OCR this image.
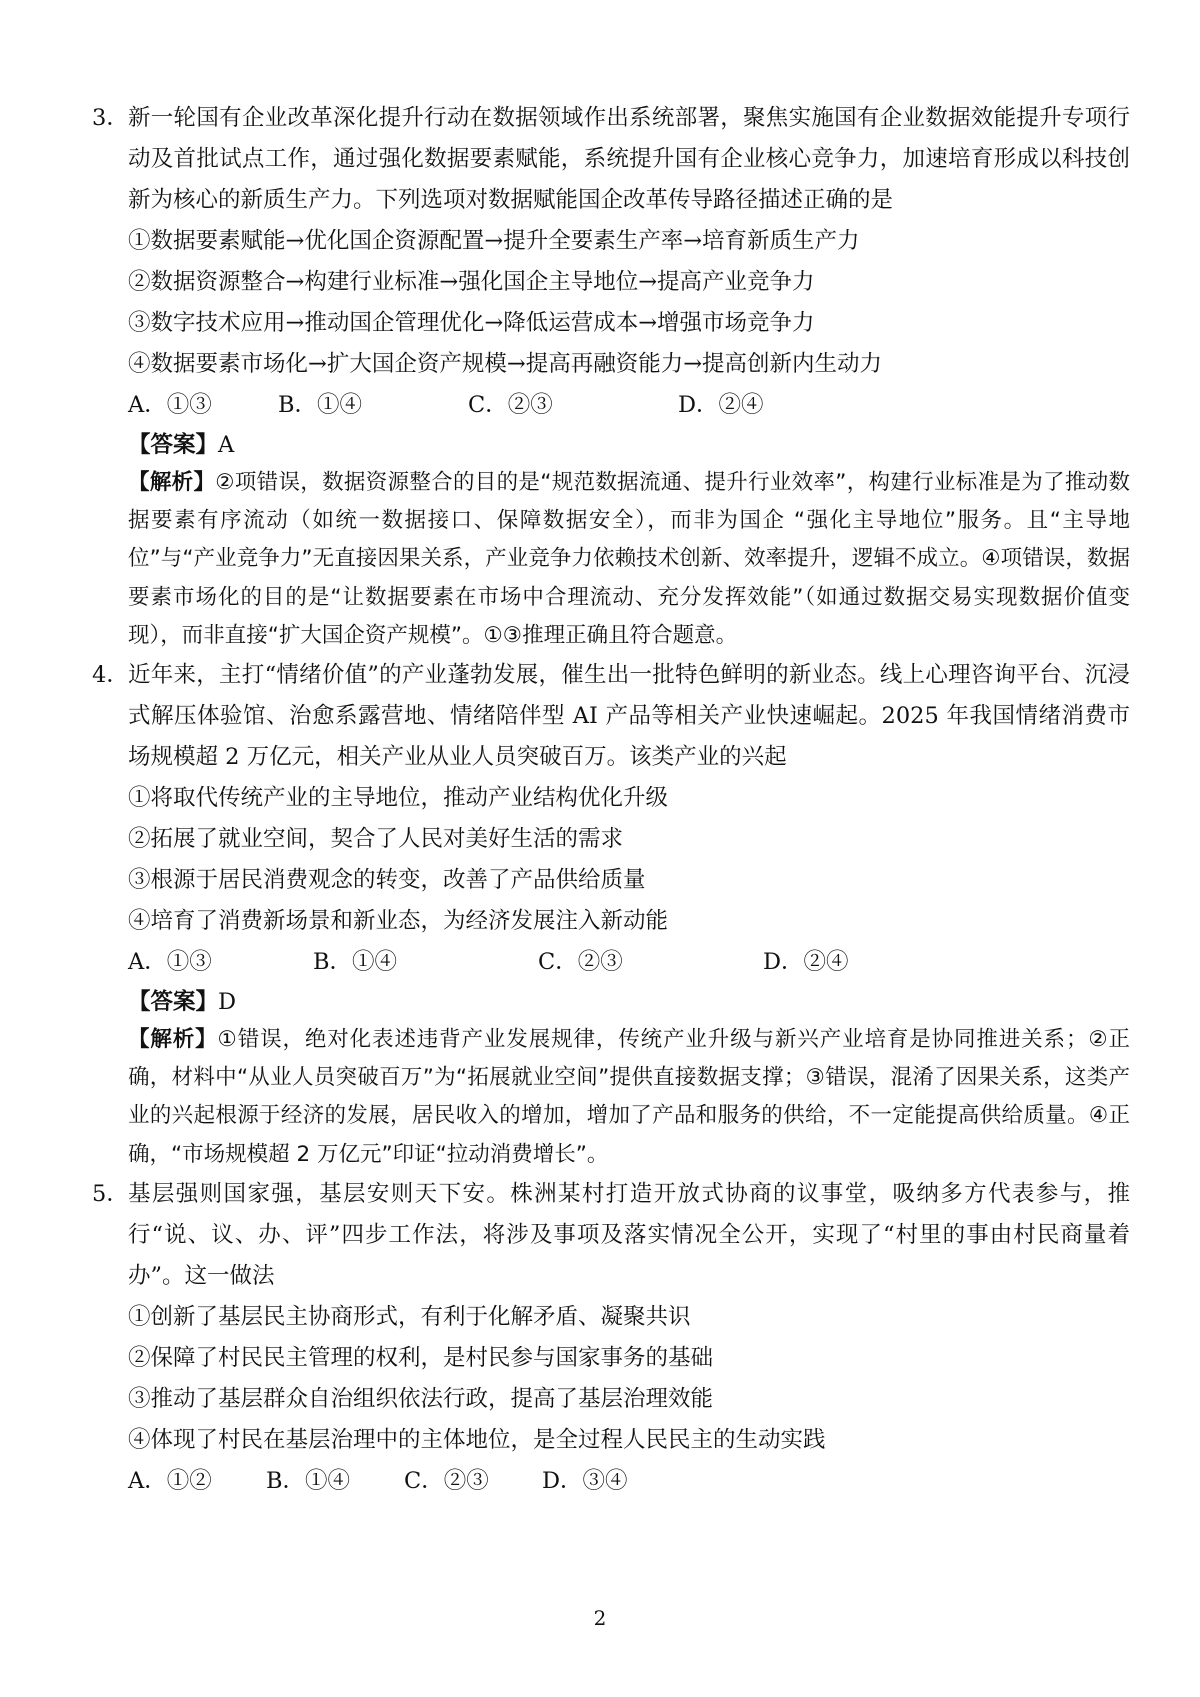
3． 新一轮国有企业改革深化提升行动在数据领域作出系统部署，聚焦实施国有企业数据效能提升专项行动及首批试点工作，通过强化数据要素赋能，系统提升国有企业核心竞争力，加速培育形成以科技创新为核心的新质生产力。下列选项对数据赋能国企改革传导路径描述正确的是
①数据要素赋能→优化国企资源配置→提升全要素生产率→培育新质生产力
②数据资源整合→构建行业标准→强化国企主导地位→提高产业竞争力
③数字技术应用→推动国企管理优化→降低运营成本→增强市场竞争力
④数据要素市场化→扩大国企资产规模→提高再融资能力→提高创新内生动力
A．①③	B．①④	C．②③	D．②④
【答案】A
【解析】②项错误，数据资源整合的目的是“规范数据流通、提升行业效率”，构建行业标准是为了推动数据要素有序流动（如统一数据接口、保障数据安全），而非为国企 “强化主导地位”服务。且“主导地位”与“产业竞争力”无直接因果关系，产业竞争力依赖技术创新、效率提升，逻辑不成立。④项错误，数据要素市场化的目的是“让数据要素在市场中合理流动、充分发挥效能”（如通过数据交易实现数据价值变现），而非直接“扩大国企资产规模”。①③推理正确且符合题意。
4． 近年来，主打“情绪价值”的产业蓬勃发展，催生出一批特色鲜明的新业态。线上心理咨询平台、沉浸式解压体验馆、治愈系露营地、情绪陪伴型 AI 产品等相关产业快速崛起。2025 年我国情绪消费市场规模超 2 万亿元，相关产业从业人员突破百万。该类产业的兴起
①将取代传统产业的主导地位，推动产业结构优化升级
②拓展了就业空间，契合了人民对美好生活的需求
③根源于居民消费观念的转变，改善了产品供给质量
④培育了消费新场景和新业态，为经济发展注入新动能
A．①③	B．①④	C．②③	D．②④
【答案】D
【解析】①错误，绝对化表述违背产业发展规律，传统产业升级与新兴产业培育是协同推进关系；②正确，材料中“从业人员突破百万”为“拓展就业空间”提供直接数据支撑；③错误，混淆了因果关系，这类产业的兴起根源于经济的发展，居民收入的增加，增加了产品和服务的供给，不一定能提高供给质量。④正确，“市场规模超 2 万亿元”印证“拉动消费增长”。
5． 基层强则国家强，基层安则天下安。株洲某村打造开放式协商的议事堂，吸纳多方代表参与，推行“说、议、办、评”四步工作法，将涉及事项及落实情况全公开，实现了“村里的事由村民商量着办”。这一做法
①创新了基层民主协商形式，有利于化解矛盾、凝聚共识
②保障了村民民主管理的权利，是村民参与国家事务的基础
③推动了基层群众自治组织依法行政，提高了基层治理效能
④体现了村民在基层治理中的主体地位，是全过程人民民主的生动实践
A．①②	B．①④	C．②③	D．③④
2
